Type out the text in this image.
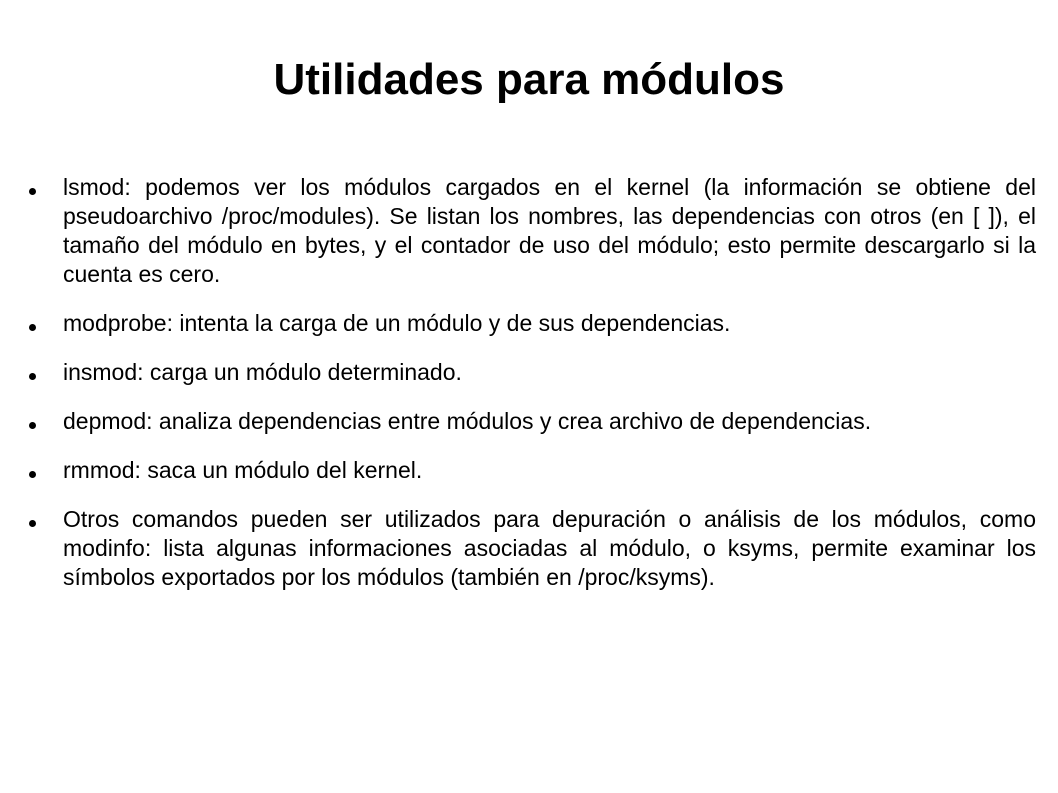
Utilidades para módulos

lsmod: podemos ver los módulos cargados en el kernel (la información se obtiene del pseudoarchivo /proc/modules). Se listan los nombres, las dependencias con otros (en [ ]), el tamaño del módulo en bytes, y el contador de uso del módulo; esto permite descargarlo si la cuenta es cero.

modprobe: intenta la carga de un módulo y de sus dependencias.

insmod: carga un módulo determinado.

depmod: analiza dependencias entre módulos y crea archivo de dependencias.

rmmod: saca un módulo del kernel.

Otros comandos pueden ser utilizados para depuración o análisis de los módulos, como modinfo: lista algunas informaciones asociadas al módulo, o ksyms, permite examinar los símbolos exportados por los módulos (también en /proc/ksyms).
